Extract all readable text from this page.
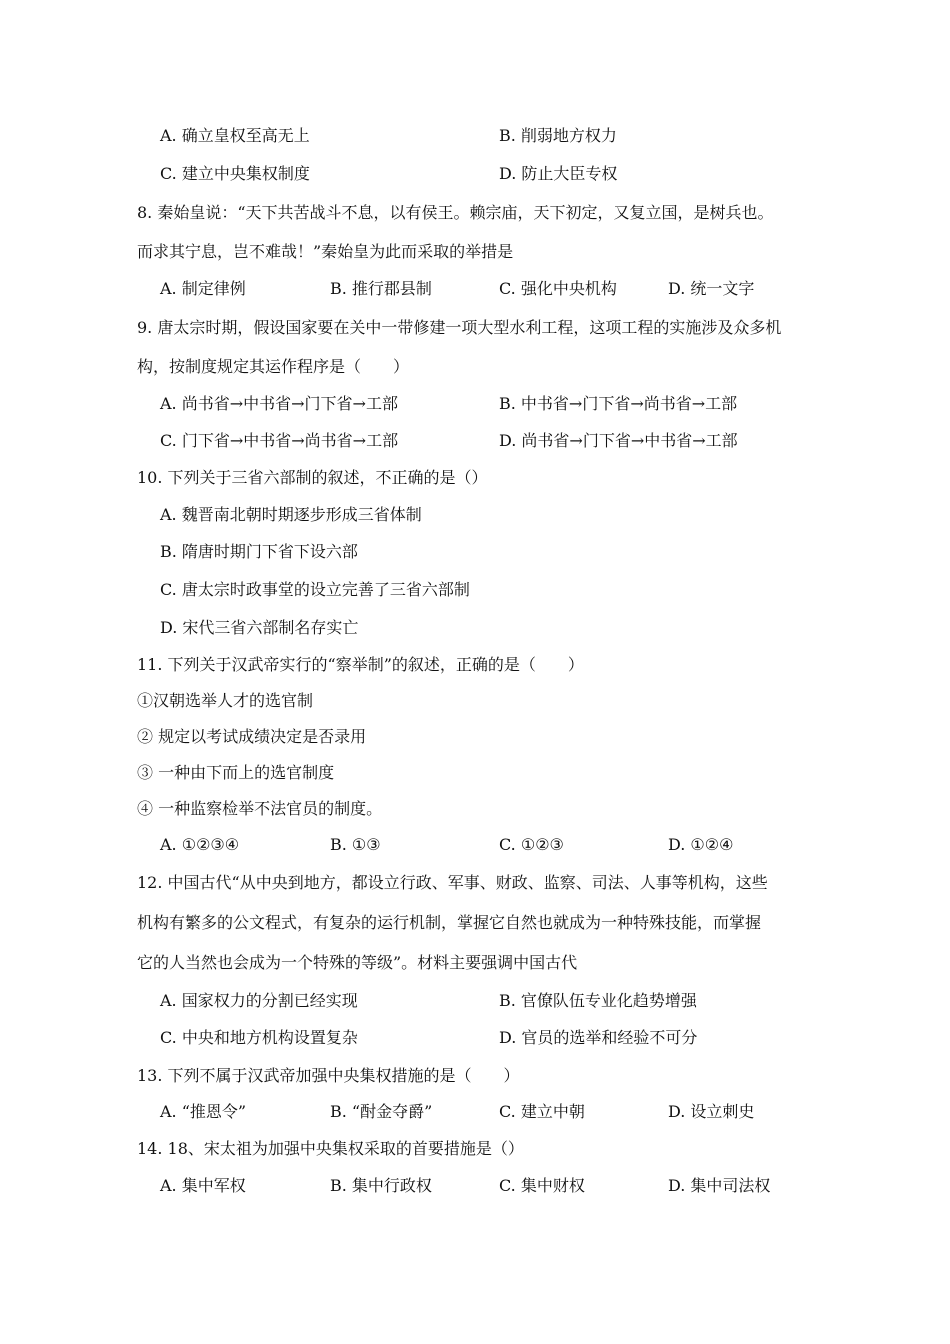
A. 确立皇权至高无上	B. 削弱地方权力
C. 建立中央集权制度	D. 防止大臣专权
8. 秦始皇说：“天下共苦战斗不息，以有侯王。赖宗庙，天下初定，又复立国，是树兵也。
而求其宁息，岂不难哉！”秦始皇为此而采取的举措是
A. 制定律例	B. 推行郡县制	C. 强化中央机构	D. 统一文字
9. 唐太宗时期，假设国家要在关中一带修建一项大型水利工程，这项工程的实施涉及众多机
构，按制度规定其运作程序是（　　）
A. 尚书省→中书省→门下省→工部	B. 中书省→门下省→尚书省→工部
C. 门下省→中书省→尚书省→工部	D. 尚书省→门下省→中书省→工部
10. 下列关于三省六部制的叙述，不正确的是（）
A. 魏晋南北朝时期逐步形成三省体制
B. 隋唐时期门下省下设六部
C. 唐太宗时政事堂的设立完善了三省六部制
D. 宋代三省六部制名存实亡
11. 下列关于汉武帝实行的“察举制”的叙述，正确的是（　　）
①汉朝选举人才的选官制
② 规定以考试成绩决定是否录用
③ 一种由下而上的选官制度
④ 一种监察检举不法官员的制度。
A. ①②③④	B. ①③	C. ①②③	D. ①②④
12. 中国古代“从中央到地方，都设立行政、军事、财政、监察、司法、人事等机构，这些
机构有繁多的公文程式，有复杂的运行机制，掌握它自然也就成为一种特殊技能，而掌握
它的人当然也会成为一个特殊的等级”。材料主要强调中国古代
A. 国家权力的分割已经实现	B. 官僚队伍专业化趋势增强
C. 中央和地方机构设置复杂	D. 官员的选举和经验不可分
13. 下列不属于汉武帝加强中央集权措施的是（　　）
A. “推恩令”	B. “酎金夺爵”	C. 建立中朝	D. 设立刺史
14. 18、宋太祖为加强中央集权采取的首要措施是（）
A. 集中军权	B. 集中行政权	C. 集中财权	D. 集中司法权
